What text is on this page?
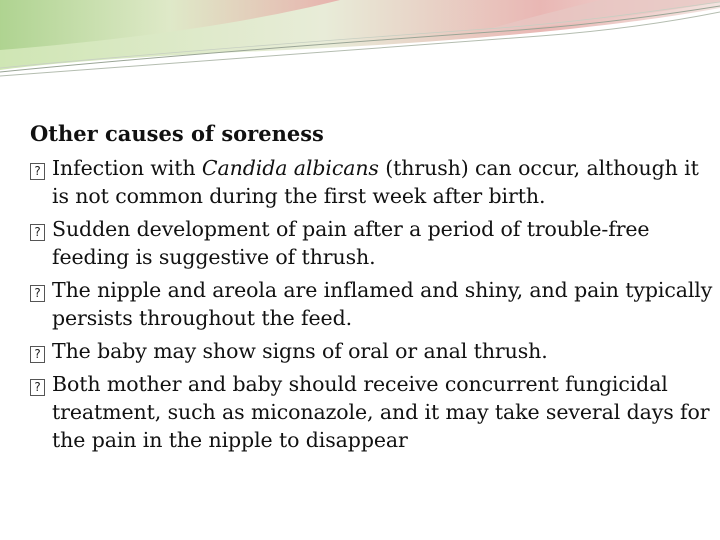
Other causes of soreness
? Infection with Candida albicans (thrush) can occur, although it is not common during the first week after birth.
? Sudden development of pain after a period of trouble-free feeding is suggestive of thrush.
? The nipple and areola are inflamed and shiny, and pain typically persists throughout the feed.
? The baby may show signs of oral or anal thrush.
? Both mother and baby should receive concurrent fungicidal treatment, such as miconazole, and it may take several days for the pain in the nipple to disappear
